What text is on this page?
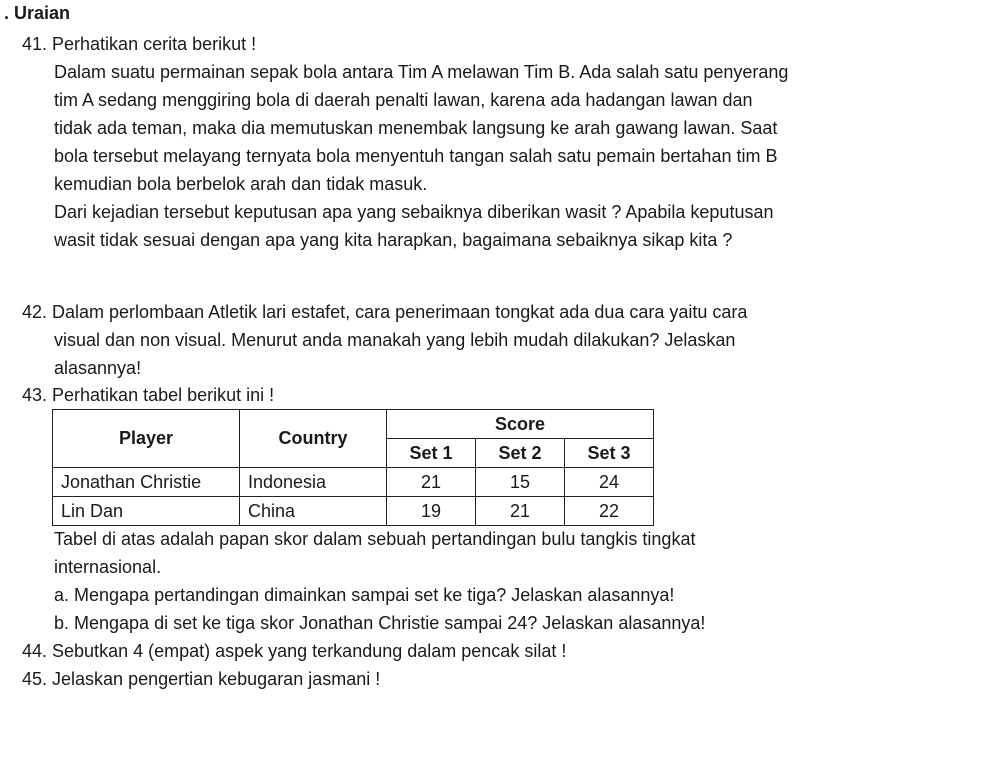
. Uraian
41. Perhatikan cerita berikut !
Dalam suatu permainan sepak bola antara Tim A melawan Tim B. Ada salah satu penyerang
tim A sedang menggiring bola di daerah penalti lawan, karena ada hadangan lawan dan
tidak ada teman, maka dia memutuskan menembak langsung ke arah gawang lawan. Saat
bola tersebut melayang ternyata bola menyentuh tangan salah satu pemain bertahan tim B
kemudian bola berbelok arah dan tidak masuk.
Dari kejadian tersebut keputusan apa yang sebaiknya diberikan wasit ? Apabila keputusan
wasit tidak sesuai dengan apa yang kita harapkan, bagaimana sebaiknya sikap kita ?
42. Dalam perlombaan Atletik lari estafet, cara penerimaan tongkat ada dua cara yaitu cara
visual dan non visual. Menurut anda manakah yang lebih mudah dilakukan? Jelaskan
alasannya!
43. Perhatikan tabel berikut ini !
Player	Country	Score		
		Set 1	Set 2	Set 3
Jonathan Christie	Indonesia	21	15	24
Lin Dan	China	19	21	22
Tabel di atas adalah papan skor dalam sebuah pertandingan bulu tangkis tingkat
internasional.
a. Mengapa pertandingan dimainkan sampai set ke tiga? Jelaskan alasannya!
b. Mengapa di set ke tiga skor Jonathan Christie sampai 24? Jelaskan alasannya!
44. Sebutkan 4 (empat) aspek yang terkandung dalam pencak silat !
45. Jelaskan pengertian kebugaran jasmani !
